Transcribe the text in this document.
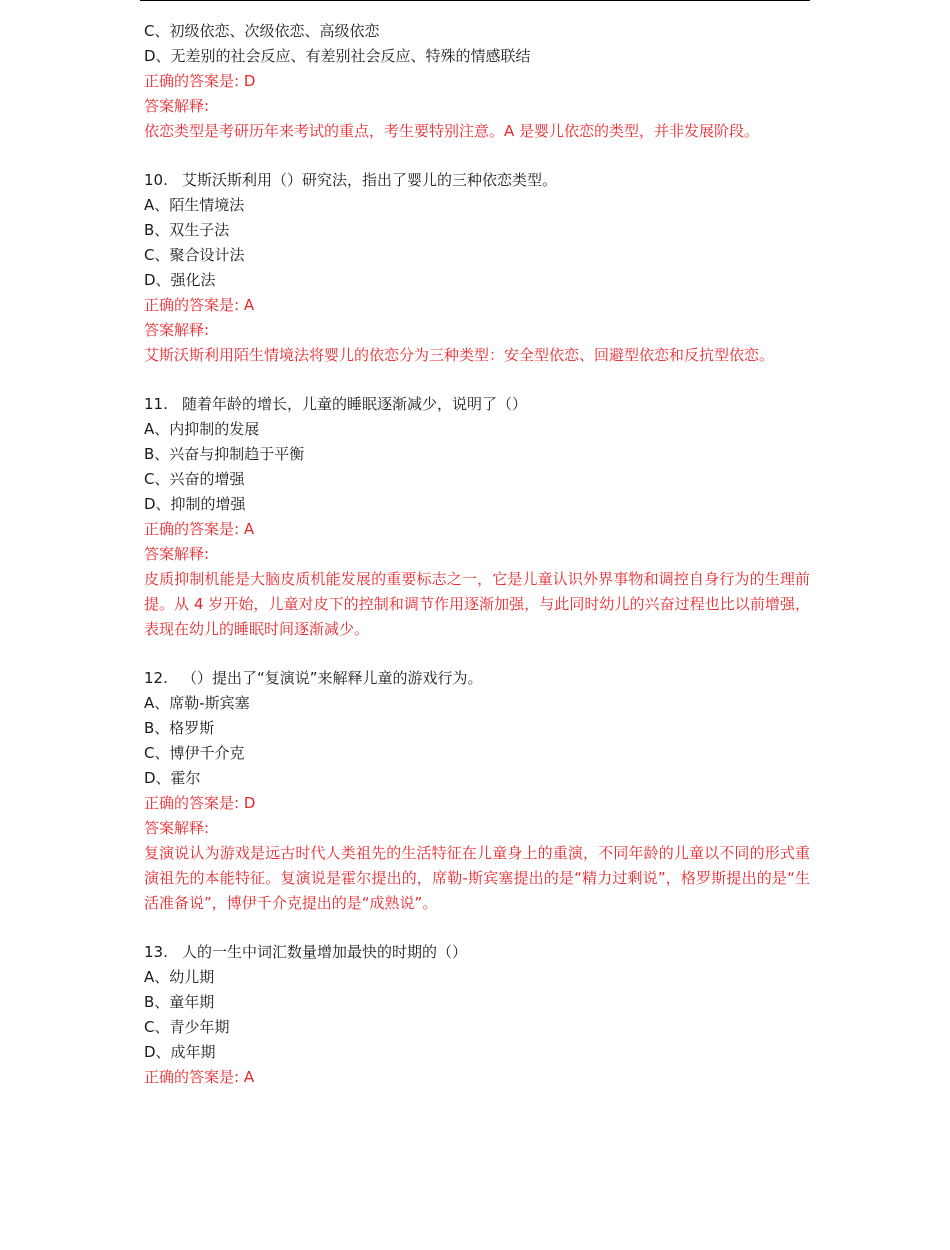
C、初级依恋、次级依恋、高级依恋
D、无差别的社会反应、有差别社会反应、特殊的情感联结
正确的答案是: D
答案解释:
依恋类型是考研历年来考试的重点，考生要特别注意。A 是婴儿依恋的类型，并非发展阶段。
10. 艾斯沃斯利用（）研究法，指出了婴儿的三种依恋类型。
A、陌生情境法
B、双生子法
C、聚合设计法
D、强化法
正确的答案是: A
答案解释:
艾斯沃斯利用陌生情境法将婴儿的依恋分为三种类型：安全型依恋、回避型依恋和反抗型依恋。
11. 随着年龄的增长，儿童的睡眠逐渐减少，说明了（）
A、内抑制的发展
B、兴奋与抑制趋于平衡
C、兴奋的增强
D、抑制的增强
正确的答案是: A
答案解释:
皮质抑制机能是大脑皮质机能发展的重要标志之一，它是儿童认识外界事物和调控自身行为的生理前提。从 4 岁开始，儿童对皮下的控制和调节作用逐渐加强，与此同时幼儿的兴奋过程也比以前增强，表现在幼儿的睡眠时间逐渐减少。
12. （）提出了“复演说”来解释儿童的游戏行为。
A、席勒-斯宾塞
B、格罗斯
C、博伊千介克
D、霍尔
正确的答案是: D
答案解释:
复演说认为游戏是远古时代人类祖先的生活特征在儿童身上的重演，不同年龄的儿童以不同的形式重演祖先的本能特征。复演说是霍尔提出的，席勒-斯宾塞提出的是“精力过剩说”，格罗斯提出的是“生活准备说”，博伊千介克提出的是“成熟说”。
13. 人的一生中词汇数量增加最快的时期的（）
A、幼儿期
B、童年期
C、青少年期
D、成年期
正确的答案是: A
